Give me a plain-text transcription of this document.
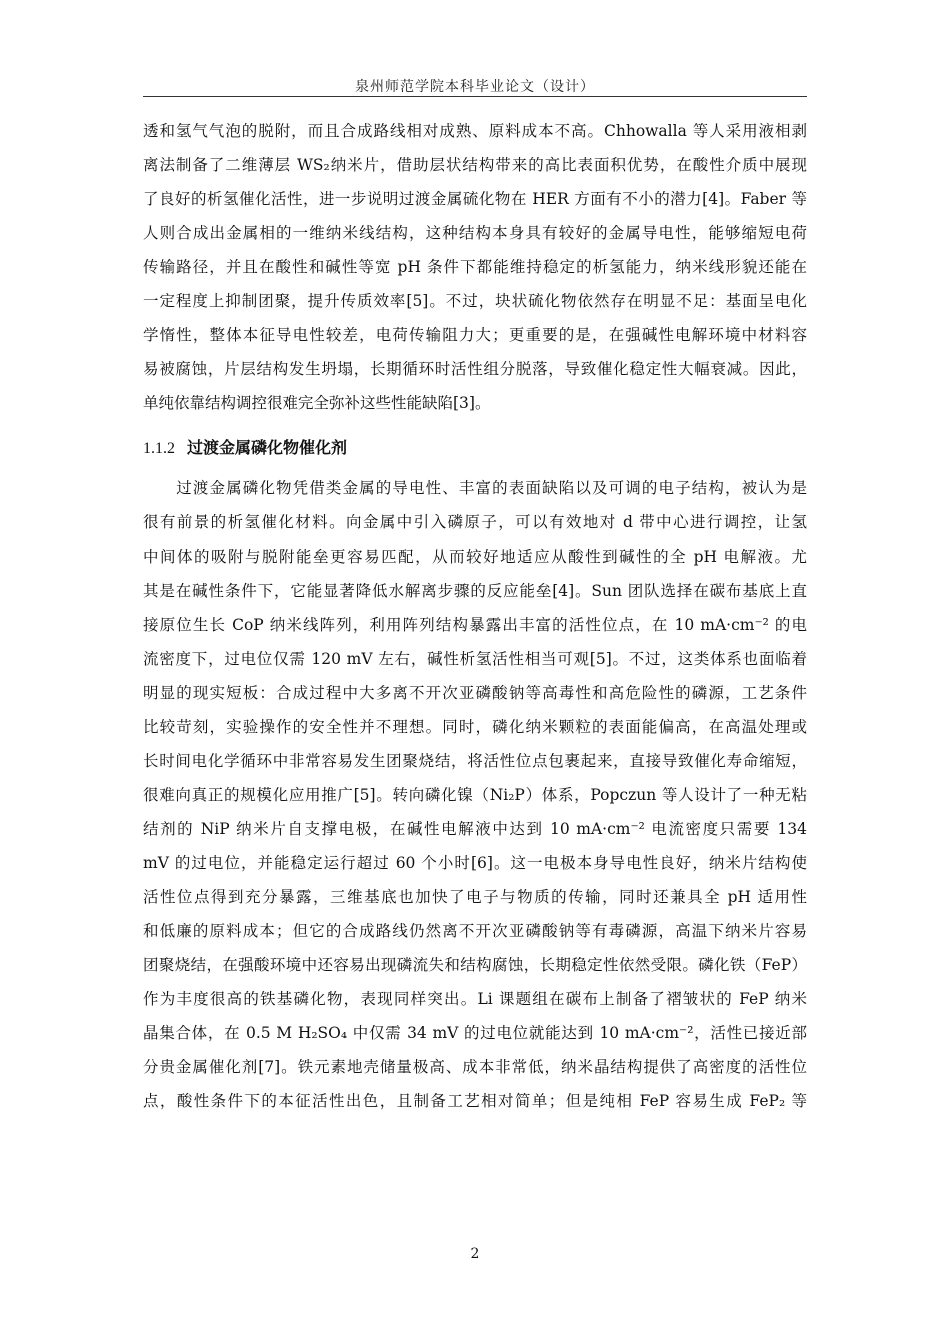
泉州师范学院本科毕业论文（设计）
透和氢气气泡的脱附，而且合成路线相对成熟、原料成本不高。Chhowalla 等人采用液相剥
离法制备了二维薄层 WS₂纳米片，借助层状结构带来的高比表面积优势，在酸性介质中展现
了良好的析氢催化活性，进一步说明过渡金属硫化物在 HER 方面有不小的潜力[4]。Faber 等
人则合成出金属相的一维纳米线结构，这种结构本身具有较好的金属导电性，能够缩短电荷
传输路径，并且在酸性和碱性等宽 pH 条件下都能维持稳定的析氢能力，纳米线形貌还能在
一定程度上抑制团聚，提升传质效率[5]。不过，块状硫化物依然存在明显不足：基面呈电化
学惰性，整体本征导电性较差，电荷传输阻力大；更重要的是，在强碱性电解环境中材料容
易被腐蚀，片层结构发生坍塌，长期循环时活性组分脱落，导致催化稳定性大幅衰减。因此，
单纯依靠结构调控很难完全弥补这些性能缺陷[3]。
1.1.2 过渡金属磷化物催化剂
　　过渡金属磷化物凭借类金属的导电性、丰富的表面缺陷以及可调的电子结构，被认为是
很有前景的析氢催化材料。向金属中引入磷原子，可以有效地对 d 带中心进行调控，让氢
中间体的吸附与脱附能垒更容易匹配，从而较好地适应从酸性到碱性的全 pH 电解液。尤
其是在碱性条件下，它能显著降低水解离步骤的反应能垒[4]。Sun 团队选择在碳布基底上直
接原位生长 CoP 纳米线阵列，利用阵列结构暴露出丰富的活性位点，在 10 mA·cm⁻² 的电
流密度下，过电位仅需 120 mV 左右，碱性析氢活性相当可观[5]。不过，这类体系也面临着
明显的现实短板：合成过程中大多离不开次亚磷酸钠等高毒性和高危险性的磷源，工艺条件
比较苛刻，实验操作的安全性并不理想。同时，磷化纳米颗粒的表面能偏高，在高温处理或
长时间电化学循环中非常容易发生团聚烧结，将活性位点包裹起来，直接导致催化寿命缩短，
很难向真正的规模化应用推广[5]。转向磷化镍（Ni₂P）体系，Popczun 等人设计了一种无粘
结剂的 NiP 纳米片自支撑电极，在碱性电解液中达到 10 mA·cm⁻² 电流密度只需要 134
mV 的过电位，并能稳定运行超过 60 个小时[6]。这一电极本身导电性良好，纳米片结构使
活性位点得到充分暴露，三维基底也加快了电子与物质的传输，同时还兼具全 pH 适用性
和低廉的原料成本；但它的合成路线仍然离不开次亚磷酸钠等有毒磷源，高温下纳米片容易
团聚烧结，在强酸环境中还容易出现磷流失和结构腐蚀，长期稳定性依然受限。磷化铁（FeP）
作为丰度很高的铁基磷化物，表现同样突出。Li 课题组在碳布上制备了褶皱状的 FeP 纳米
晶集合体，在 0.5 M H₂SO₄ 中仅需 34 mV 的过电位就能达到 10 mA·cm⁻²，活性已接近部
分贵金属催化剂[7]。铁元素地壳储量极高、成本非常低，纳米晶结构提供了高密度的活性位
点，酸性条件下的本征活性出色，且制备工艺相对简单；但是纯相 FeP 容易生成 FeP₂ 等
2
